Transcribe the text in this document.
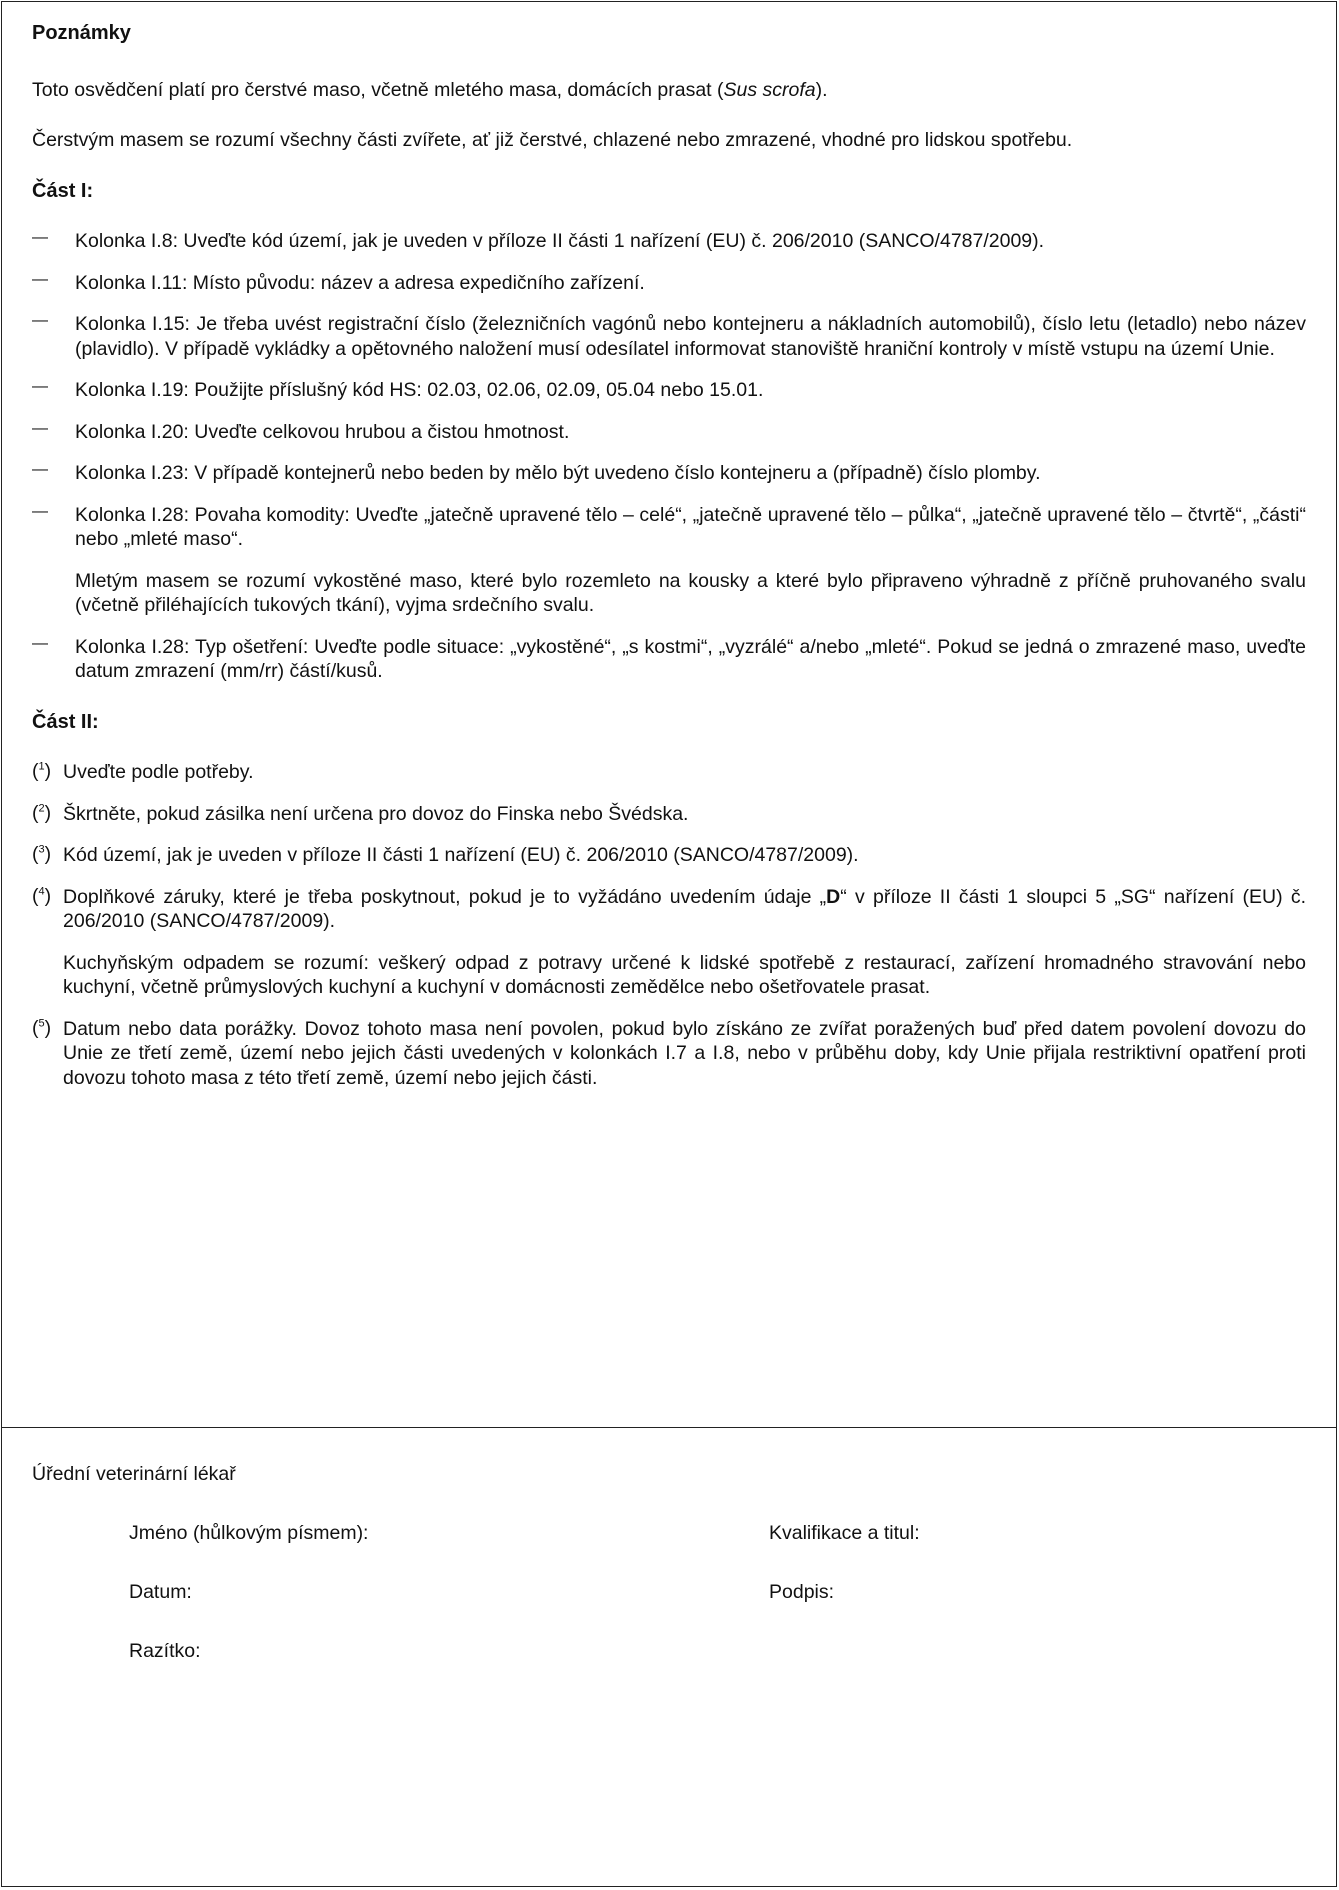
Poznámky

Toto osvědčení platí pro čerstvé maso, včetně mletého masa, domácích prasat (Sus scrofa).

Čerstvým masem se rozumí všechny části zvířete, ať již čerstvé, chlazené nebo zmrazené, vhodné pro lidskou spotřebu.

Část I:

—	Kolonka I.8: Uveďte kód území, jak je uveden v příloze II části 1 nařízení (EU) č. 206/2010 (SANCO/4787/2009).

—	Kolonka I.11: Místo původu: název a adresa expedičního zařízení.

—	Kolonka I.15: Je třeba uvést registrační číslo (železničních vagónů nebo kontejneru a nákladních automobilů), číslo letu (letadlo) nebo název (plavidlo). V případě vykládky a opětovného naložení musí odesílatel informovat stanoviště hraniční kontroly v místě vstupu na území Unie.

—	Kolonka I.19: Použijte příslušný kód HS: 02.03, 02.06, 02.09, 05.04 nebo 15.01.

—	Kolonka I.20: Uveďte celkovou hrubou a čistou hmotnost.

—	Kolonka I.23: V případě kontejnerů nebo beden by mělo být uvedeno číslo kontejneru a (případně) číslo plomby.

—	Kolonka I.28: Povaha komodity: Uveďte „jatečně upravené tělo – celé“, „jatečně upravené tělo – půlka“, „jatečně upravené tělo – čtvrtě“, „části“ nebo „mleté maso“.

Mletým masem se rozumí vykostěné maso, které bylo rozemleto na kousky a které bylo připraveno výhradně z příčně pruhovaného svalu (včetně přiléhajících tukových tkání), vyjma srdečního svalu.

—	Kolonka I.28: Typ ošetření: Uveďte podle situace: „vykostěné“, „s kostmi“, „vyzrálé“ a/nebo „mleté“. Pokud se jedná o zmrazené maso, uveďte datum zmrazení (mm/rr) částí/kusů.

Část II:

($^1$) Uveďte podle potřeby.

($^2$) Škrtněte, pokud zásilka není určena pro dovoz do Finska nebo Švédska.

($^3$) Kód území, jak je uveden v příloze II části 1 nařízení (EU) č. 206/2010 (SANCO/4787/2009).

($^4$) Doplňkové záruky, které je třeba poskytnout, pokud je to vyžádáno uvedením údaje „D“ v příloze II části 1 sloupci 5 „SG“ nařízení (EU) č. 206/2010 (SANCO/4787/2009).

Kuchyňským odpadem se rozumí: veškerý odpad z potravy určené k lidské spotřebě z restaurací, zařízení hromadného stravování nebo kuchyní, včetně průmyslových kuchyní a kuchyní v domácnosti zemědělce nebo ošetřovatele prasat.

($^5$) Datum nebo data porážky. Dovoz tohoto masa není povolen, pokud bylo získáno ze zvířat poražených buď před datem povolení dovozu do Unie ze třetí země, území nebo jejich části uvedených v kolonkách I.7 a I.8, nebo v průběhu doby, kdy Unie přijala restriktivní opatření proti dovozu tohoto masa z této třetí země, území nebo jejich části.

Úřední veterinární lékař

Jméno (hůlkovým písmem):	Kvalifikace a titul:
Datum:	Podpis:
Razítko:
